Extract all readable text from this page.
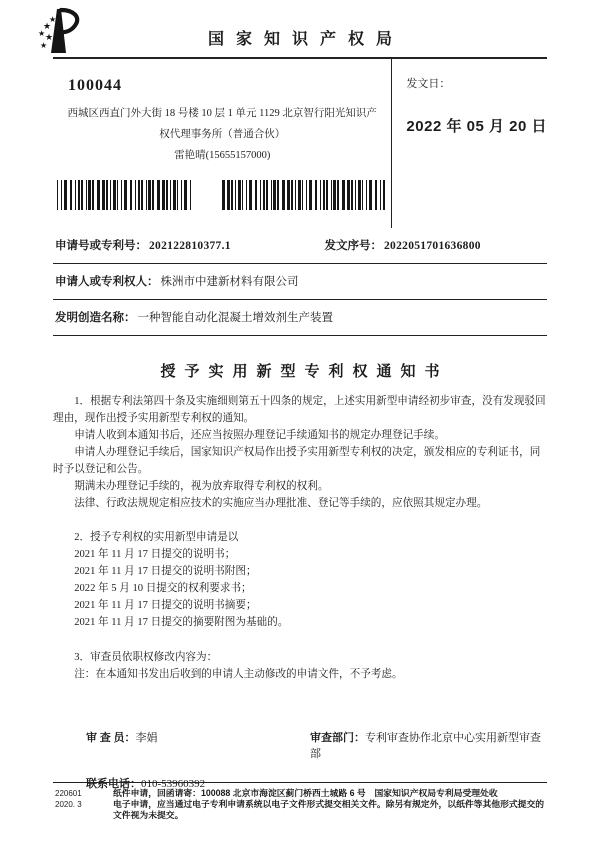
★
★
★ ★
★	国家知识产权局
100044
西城区西直门外大街 18 号楼 10 层 1 单元 1129 北京智行阳光知识产
权代理事务所（普通合伙）
雷艳晴(15655157000)
发文日：
2022 年 05 月 20 日
申请号或专利号： 202122810377.1	发文序号： 2022051701636800
申请人或专利权人： 株洲市中建新材料有限公司
发明创造名称： 一种智能自动化混凝土增效剂生产装置
授予实用新型专利权通知书

1．根据专利法第四十条及实施细则第五十四条的规定，上述实用新型申请经初步审查，没有发现驳回理由，现作出授予实用新型专利权的通知。

申请人收到本通知书后，还应当按照办理登记手续通知书的规定办理登记手续。

申请人办理登记手续后，国家知识产权局作出授予实用新型专利权的决定，颁发相应的专利证书，同时予以登记和公告。

期满未办理登记手续的，视为放弃取得专利权的权利。

法律、行政法规规定相应技术的实施应当办理批准、登记等手续的，应依照其规定办理。

2．授予专利权的实用新型申请是以

2021 年 11 月 17 日提交的说明书；

2021 年 11 月 17 日提交的说明书附图；

2022 年 5 月 10 日提交的权利要求书；

2021 年 11 月 17 日提交的说明书摘要；

2021 年 11 月 17 日提交的摘要附图为基础的。

3．审查员依职权修改内容为：

注：在本通知书发出后收到的申请人主动修改的申请文件，不予考虑。

审 查 员：李娟	审查部门：专利审查协作北京中心实用新型审查部
联系电话：010-53960392
220601
2020. 3
纸件申请，回函请寄：100088 北京市海淀区蓟门桥西土城路 6 号　国家知识产权局专利局受理处收
电子申请，应当通过电子专利申请系统以电子文件形式提交相关文件。除另有规定外，以纸件等其他形式提交的文件视为未提交。
